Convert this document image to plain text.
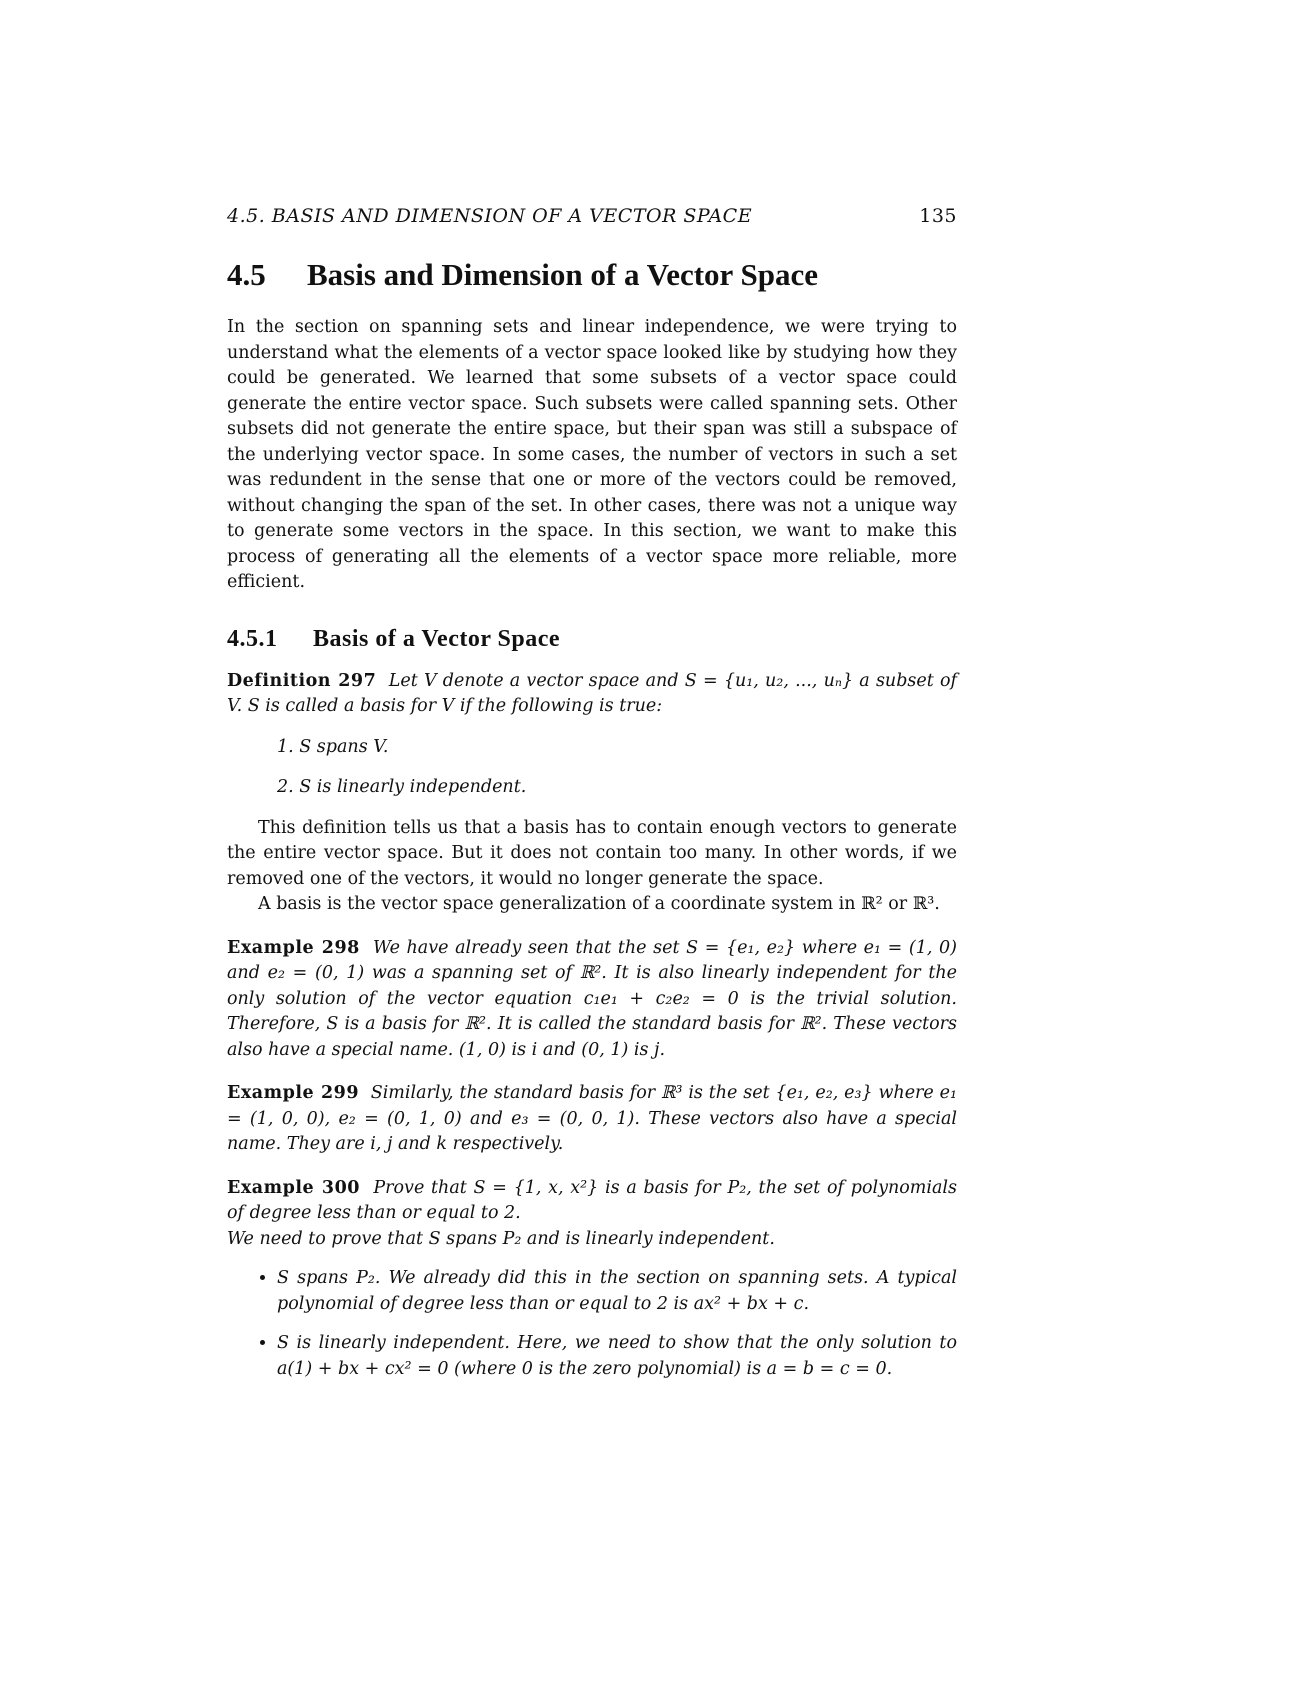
4.5. BASIS AND DIMENSION OF A VECTOR SPACE	135
4.5 Basis and Dimension of a Vector Space

In the section on spanning sets and linear independence, we were trying to understand what the elements of a vector space looked like by studying how they could be generated. We learned that some subsets of a vector space could generate the entire vector space. Such subsets were called spanning sets. Other subsets did not generate the entire space, but their span was still a subspace of the underlying vector space. In some cases, the number of vectors in such a set was redundent in the sense that one or more of the vectors could be removed, without changing the span of the set. In other cases, there was not a unique way to generate some vectors in the space. In this section, we want to make this process of generating all the elements of a vector space more reliable, more efficient.

4.5.1 Basis of a Vector Space
Definition 297 Let V denote a vector space and S = {u₁, u₂, ..., uₙ} a subset of V. S is called a basis for V if the following is true:
1. S spans V.
2. S is linearly independent.

This definition tells us that a basis has to contain enough vectors to generate the entire vector space. But it does not contain too many. In other words, if we removed one of the vectors, it would no longer generate the space.

A basis is the vector space generalization of a coordinate system in ℝ² or ℝ³.

Example 298 We have already seen that the set S = {e₁, e₂} where e₁ = (1, 0) and e₂ = (0, 1) was a spanning set of ℝ². It is also linearly independent for the only solution of the vector equation c₁e₁ + c₂e₂ = 0 is the trivial solution. Therefore, S is a basis for ℝ². It is called the standard basis for ℝ². These vectors also have a special name. (1, 0) is i and (0, 1) is j.
Example 299 Similarly, the standard basis for ℝ³ is the set {e₁, e₂, e₃} where e₁ = (1, 0, 0), e₂ = (0, 1, 0) and e₃ = (0, 0, 1). These vectors also have a special name. They are i, j and k respectively.
Example 300 Prove that S = {1, x, x²} is a basis for P₂, the set of polynomials of degree less than or equal to 2.
We need to prove that S spans P₂ and is linearly independent.
• S spans P₂. We already did this in the section on spanning sets. A typical polynomial of degree less than or equal to 2 is ax² + bx + c.
• S is linearly independent. Here, we need to show that the only solution to a(1) + bx + cx² = 0 (where 0 is the zero polynomial) is a = b = c = 0.
